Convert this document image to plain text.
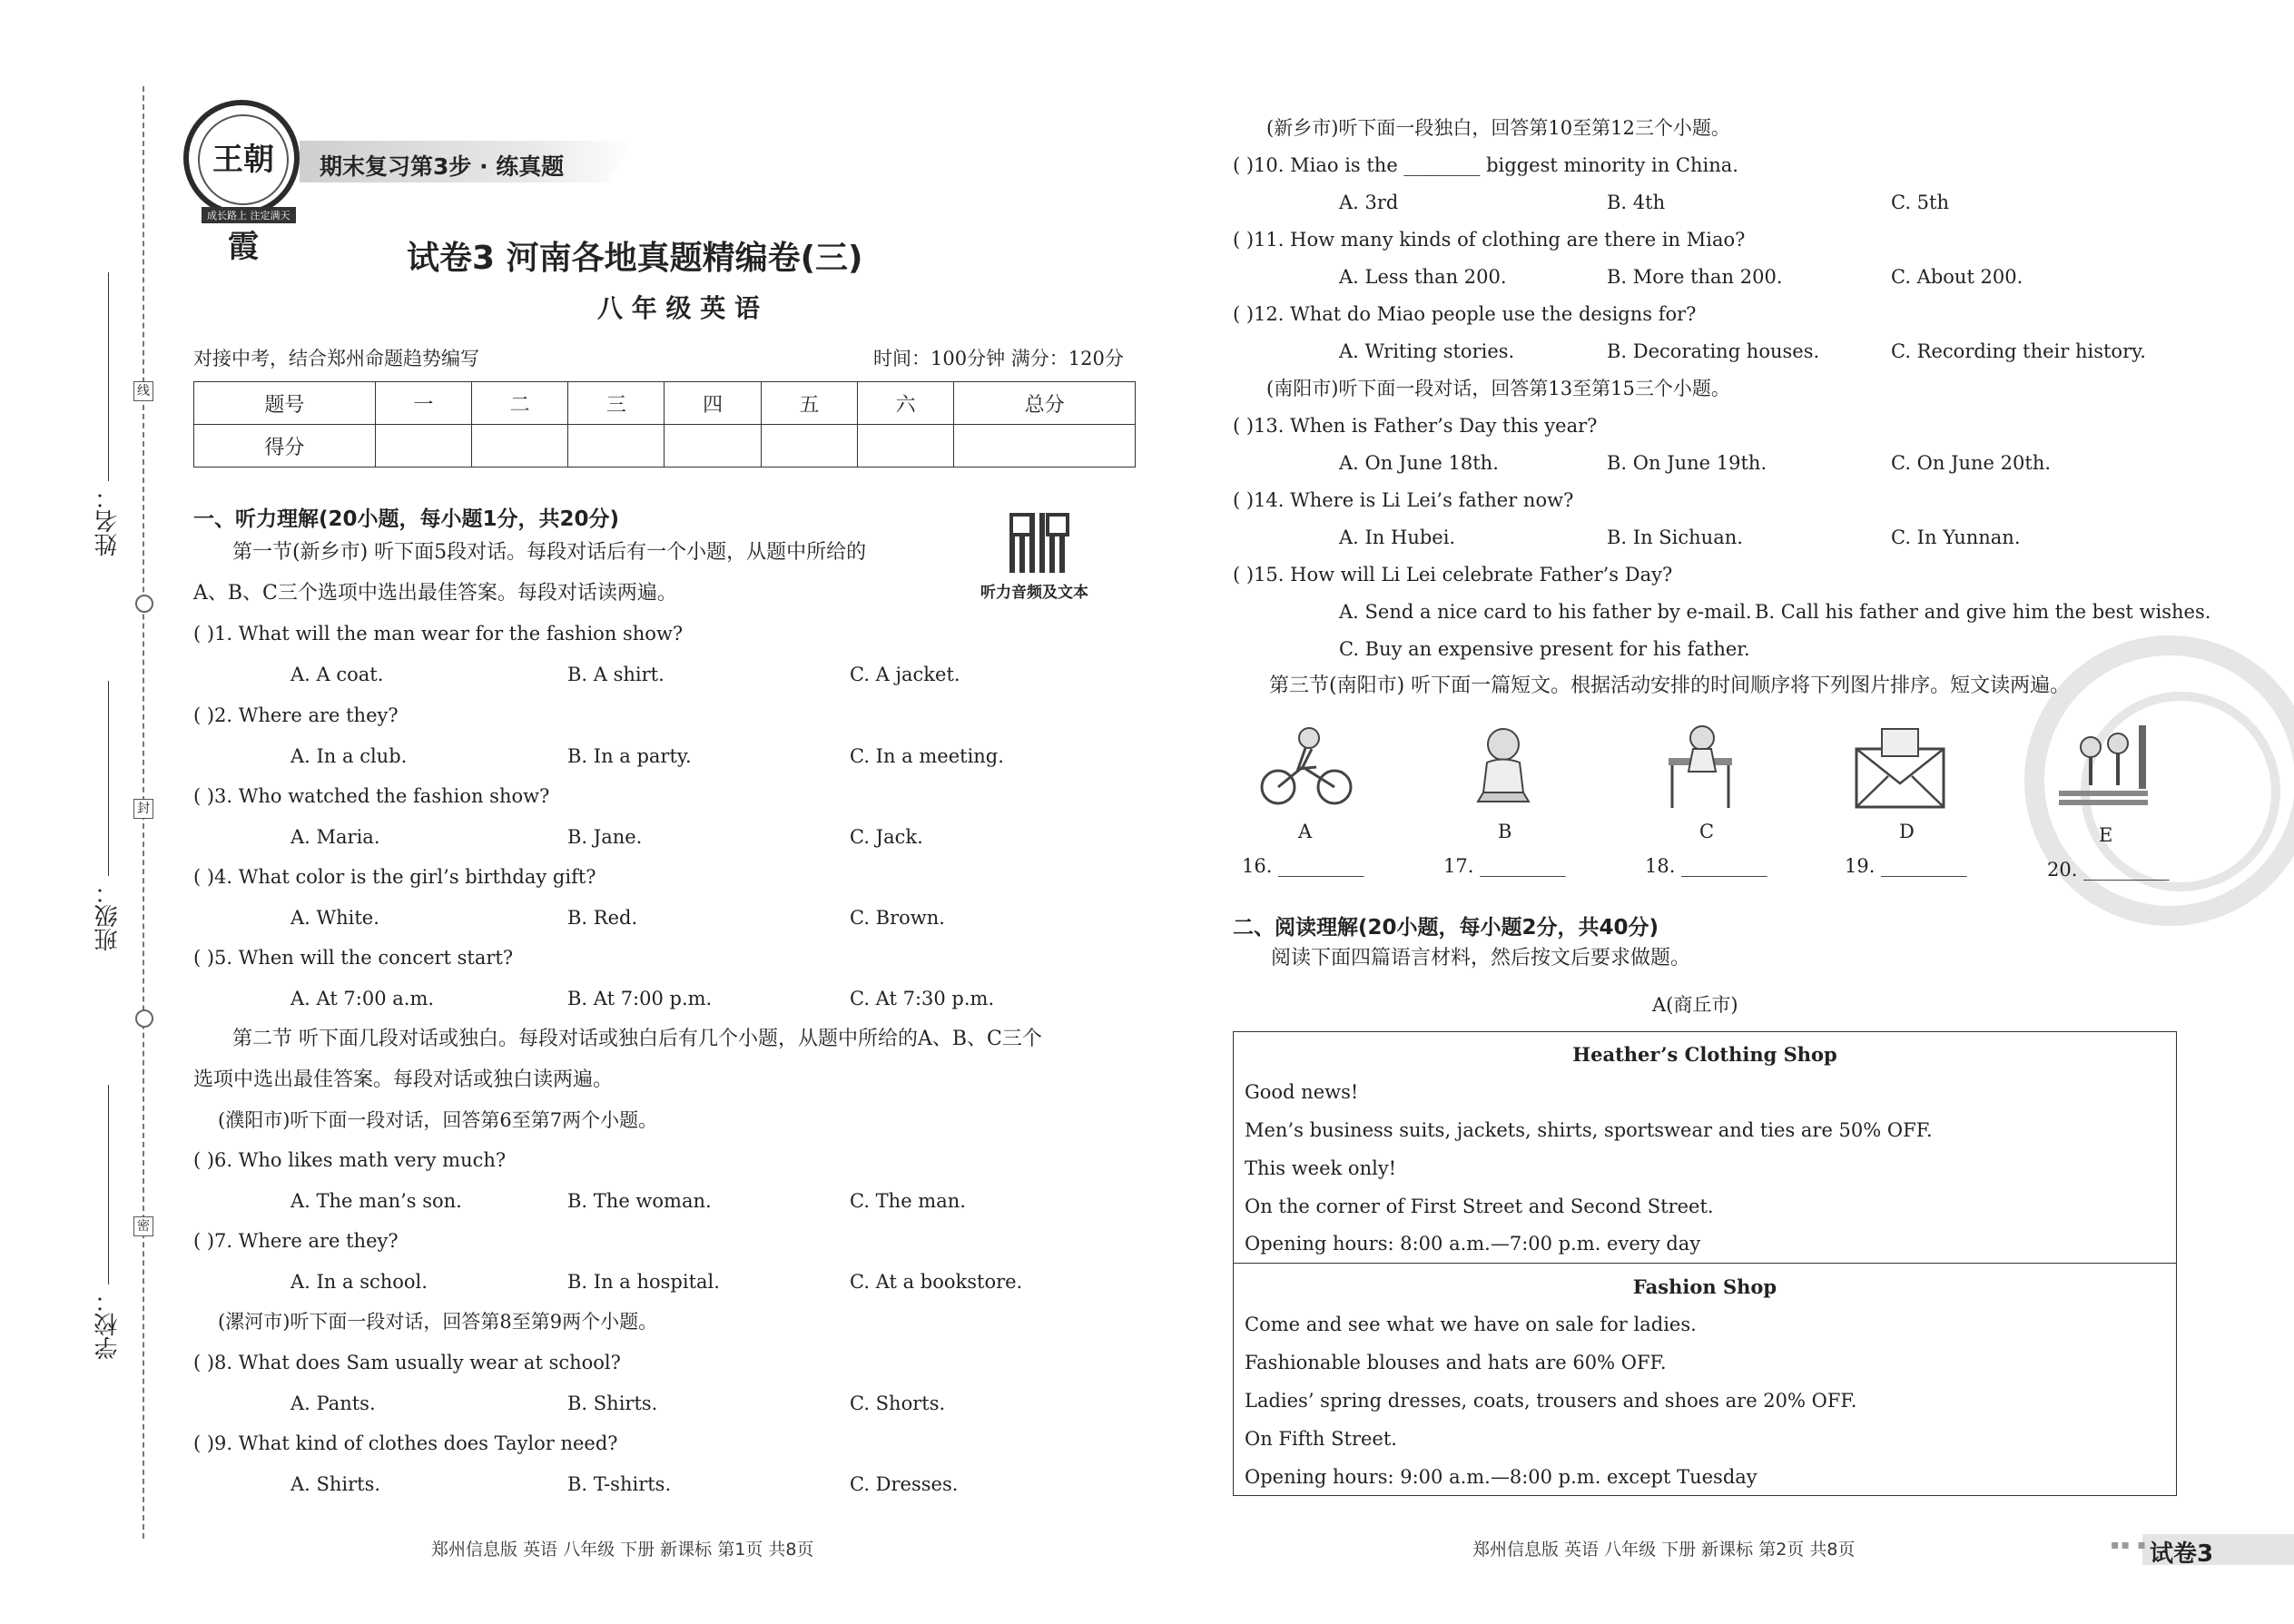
线
封
密
姓名：
班级：
学校：
期末复习第3步 · 练真题
王朝霞
成长路上 注定满天
试卷3 河南各地真题精编卷(三)
八 年 级 英 语
对接中考，结合郑州命题趋势编写	时间：100分钟 满分：120分
题号	一	二	三	四	五	六	总分
得分							
一、听力理解(20小题，每小题1分，共20分)
听力音频及文本
第一节(新乡市) 听下面5段对话。每段对话后有一个小题，从题中所给的
A、B、C三个选项中选出最佳答案。每段对话读两遍。
( )1. What will the man wear for the fashion show?
A. A coat.	B. A shirt.	C. A jacket.
( )2. Where are they?
A. In a club.	B. In a party.	C. In a meeting.
( )3. Who watched the fashion show?
A. Maria.	B. Jane.	C. Jack.
( )4. What color is the girl’s birthday gift?
A. White.	B. Red.	C. Brown.
( )5. When will the concert start?
A. At 7:00 a.m.	B. At 7:00 p.m.	C. At 7:30 p.m.
第二节 听下面几段对话或独白。每段对话或独白后有几个小题，从题中所给的A、B、C三个
选项中选出最佳答案。每段对话或独白读两遍。
(濮阳市)听下面一段对话，回答第6至第7两个小题。
( )6. Who likes math very much?
A. The man’s son.	B. The woman.	C. The man.
( )7. Where are they?
A. In a school.	B. In a hospital.	C. At a bookstore.
(漯河市)听下面一段对话，回答第8至第9两个小题。
( )8. What does Sam usually wear at school?
A. Pants.	B. Shirts.	C. Shorts.
( )9. What kind of clothes does Taylor need?
A. Shirts.	B. T-shirts.	C. Dresses.
郑州信息版 英语 八年级 下册 新课标 第1页 共8页
(新乡市)听下面一段独白，回答第10至第12三个小题。
( )10. Miao is the ________ biggest minority in China.
A. 3rd	B. 4th	C. 5th
( )11. How many kinds of clothing are there in Miao?
A. Less than 200.	B. More than 200.	C. About 200.
( )12. What do Miao people use the designs for?
A. Writing stories.	B. Decorating houses.	C. Recording their history.
(南阳市)听下面一段对话，回答第13至第15三个小题。
( )13. When is Father’s Day this year?
A. On June 18th.	B. On June 19th.	C. On June 20th.
( )14. Where is Li Lei’s father now?
A. In Hubei.	B. In Sichuan.	C. In Yunnan.
( )15. How will Li Lei celebrate Father’s Day?
A. Send a nice card to his father by e-mail. B. Call his father and give him the best wishes.
C. Buy an expensive present for his father.
第三节(南阳市) 听下面一篇短文。根据活动安排的时间顺序将下列图片排序。短文读两遍。
A	B	C	D	E
16. _________	17. _________	18. _________	19. _________	20. _________
二、阅读理解(20小题，每小题2分，共40分)
阅读下面四篇语言材料，然后按文后要求做题。
A(商丘市)
Heather’s Clothing Shop
Good news!
Men’s business suits, jackets, shirts, sportswear and ties are 50% OFF.
This week only!
On the corner of First Street and Second Street.
Opening hours: 8:00 a.m.—7:00 p.m. every day
Fashion Shop
Come and see what we have on sale for ladies.
Fashionable blouses and hats are 60% OFF.
Ladies’ spring dresses, coats, trousers and shoes are 20% OFF.
On Fifth Street.
Opening hours: 9:00 a.m.—8:00 p.m. except Tuesday
郑州信息版 英语 八年级 下册 新课标 第2页 共8页	▪▪ ▪ 试卷3
